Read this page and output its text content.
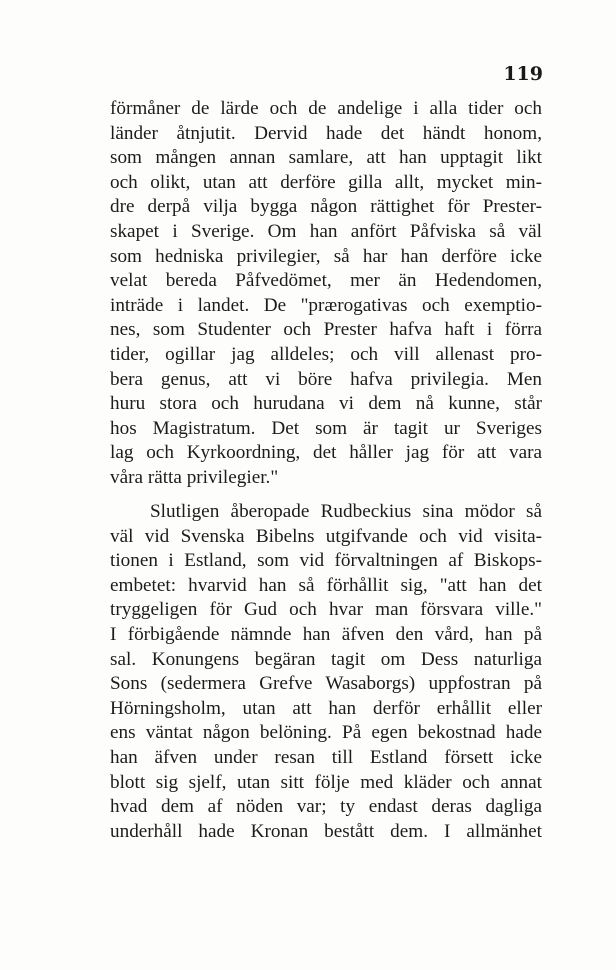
119
förmåner de lärde och de andelige i alla tider och
länder åtnjutit. Dervid hade det händt honom,
som mången annan samlare, att han upptagit likt
och olikt, utan att derföre gilla allt, mycket min-
dre derpå vilja bygga någon rättighet för Prester-
skapet i Sverige. Om han anfört Påfviska så väl
som hedniska privilegier, så har han derföre icke
velat bereda Påfvedömet, mer än Hedendomen,
inträde i landet. De "prærogativas och exemptio-
nes, som Studenter och Prester hafva haft i förra
tider, ogillar jag alldeles; och vill allenast pro-
bera genus, att vi böre hafva privilegia. Men
huru stora och hurudana vi dem nå kunne, står
hos Magistratum. Det som är tagit ur Sveriges
lag och Kyrkoordning, det håller jag för att vara
våra rätta privilegier."
Slutligen åberopade Rudbeckius sina mödor så
väl vid Svenska Bibelns utgifvande och vid visita-
tionen i Estland, som vid förvaltningen af Biskops-
embetet: hvarvid han så förhållit sig, "att han det
tryggeligen för Gud och hvar man försvara ville."
I förbigående nämnde han äfven den vård, han på
sal. Konungens begäran tagit om Dess naturliga
Sons (sedermera Grefve Wasaborgs) uppfostran på
Hörningsholm, utan att han derför erhållit eller
ens väntat någon belöning. På egen bekostnad hade
han äfven under resan till Estland försett icke
blott sig sjelf, utan sitt följe med kläder och annat
hvad dem af nöden var; ty endast deras dagliga
underhåll hade Kronan bestått dem. I allmänhet
